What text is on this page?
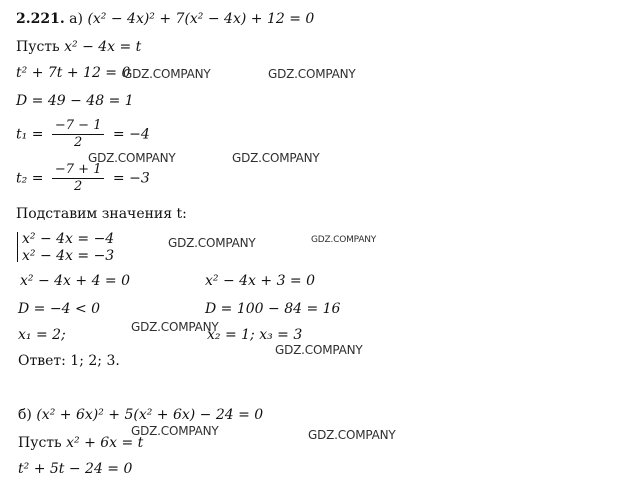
2.221. а) (x² − 4x)² + 7(x² − 4x) + 12 = 0
Пусть x² − 4x = t
t² + 7t + 12 = 0
D = 49 − 48 = 1
$t_1 = \frac{-7 - 1}{2} = -4$
$t_2 = \frac{-7 + 1}{2} = -3$
Подставим значения t:
x² − 4x = −4
x² − 4x = −3
x² − 4x + 4 = 0	x² − 4x + 3 = 0
D = −4 < 0	D = 100 − 84 = 16
x₁ = 2;	x₂ = 1; x₃ = 3
Ответ: 1; 2; 3.
б) (x² + 6x)² + 5(x² + 6x) − 24 = 0
Пусть x² + 6x = t
t² + 5t − 24 = 0
GDZ.COMPANY	GDZ.COMPANY
GDZ.COMPANY	GDZ.COMPANY
GDZ.COMPANY	GDZ.COMPANY
GDZ.COMPANY
GDZ.COMPANY
GDZ.COMPANY	GDZ.COMPANY
